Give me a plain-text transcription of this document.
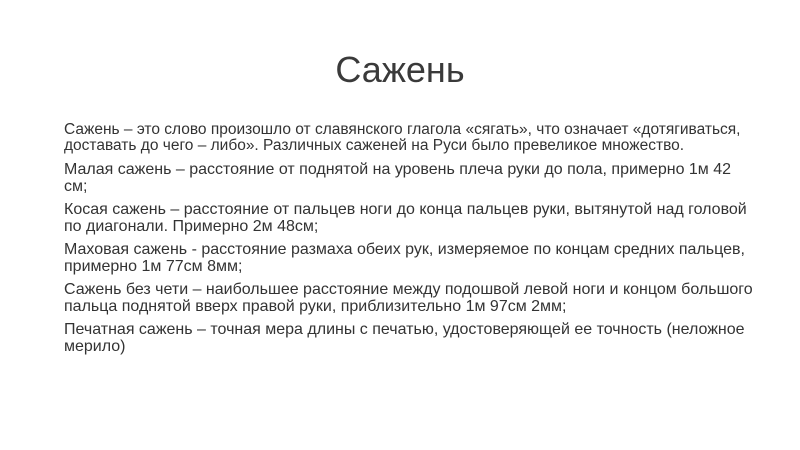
Сажень

Сажень – это слово произошло от славянского глагола «сягать», что означает «дотягиваться, доставать до чего – либо». Различных саженей на Руси было превеликое множество.

Малая сажень – расстояние от поднятой на уровень плеча руки до пола, примерно 1м 42 см;

Косая сажень – расстояние от пальцев ноги до конца пальцев руки, вытянутой над головой по диагонали. Примерно 2м 48см;

Маховая сажень - расстояние размаха обеих рук, измеряемое по концам средних пальцев, примерно 1м 77см 8мм;

Сажень без чети – наибольшее расстояние между подошвой левой ноги и концом большого пальца поднятой вверх правой руки, приблизительно 1м 97см 2мм;

Печатная сажень – точная мера длины с печатью, удостоверяющей ее точность (неложное мерило)
